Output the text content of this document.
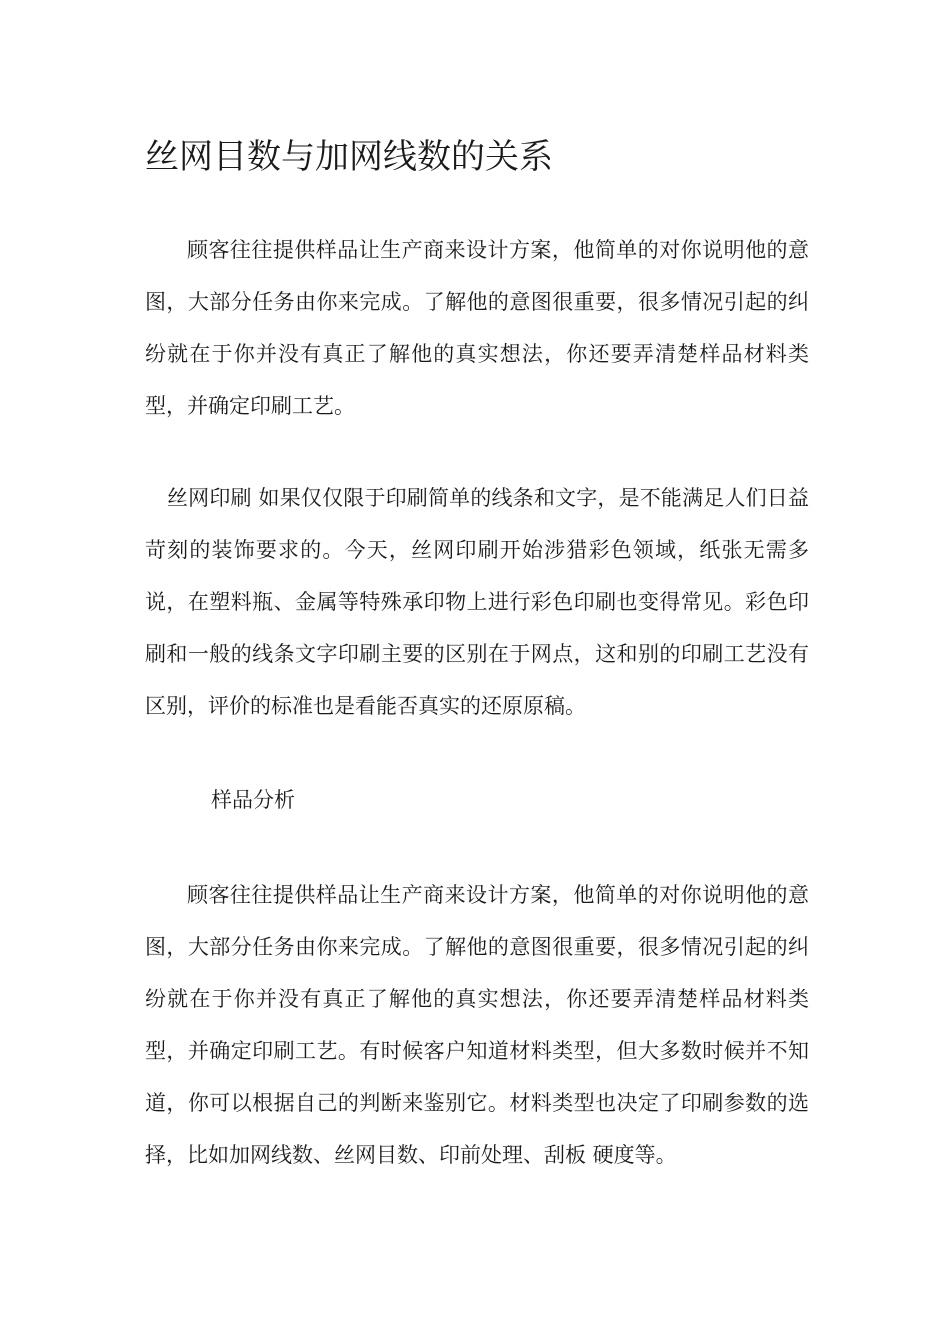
丝网目数与加网线数的关系

顾客往往提供样品让生产商来设计方案，他简单的对你说明他的意图，大部分任务由你来完成。了解他的意图很重要，很多情况引起的纠纷就在于你并没有真正了解他的真实想法，你还要弄清楚样品材料类型，并确定印刷工艺。

丝网印刷 如果仅仅限于印刷简单的线条和文字，是不能满足人们日益苛刻的装饰要求的。今天，丝网印刷开始涉猎彩色领域，纸张无需多说，在塑料瓶、金属等特殊承印物上进行彩色印刷也变得常见。彩色印刷和一般的线条文字印刷主要的区别在于网点，这和别的印刷工艺没有区别，评价的标准也是看能否真实的还原原稿。

样品分析

顾客往往提供样品让生产商来设计方案，他简单的对你说明他的意图，大部分任务由你来完成。了解他的意图很重要，很多情况引起的纠纷就在于你并没有真正了解他的真实想法，你还要弄清楚样品材料类型，并确定印刷工艺。有时候客户知道材料类型，但大多数时候并不知道，你可以根据自己的判断来鉴别它。材料类型也决定了印刷参数的选择，比如加网线数、丝网目数、印前处理、刮板 硬度等。
